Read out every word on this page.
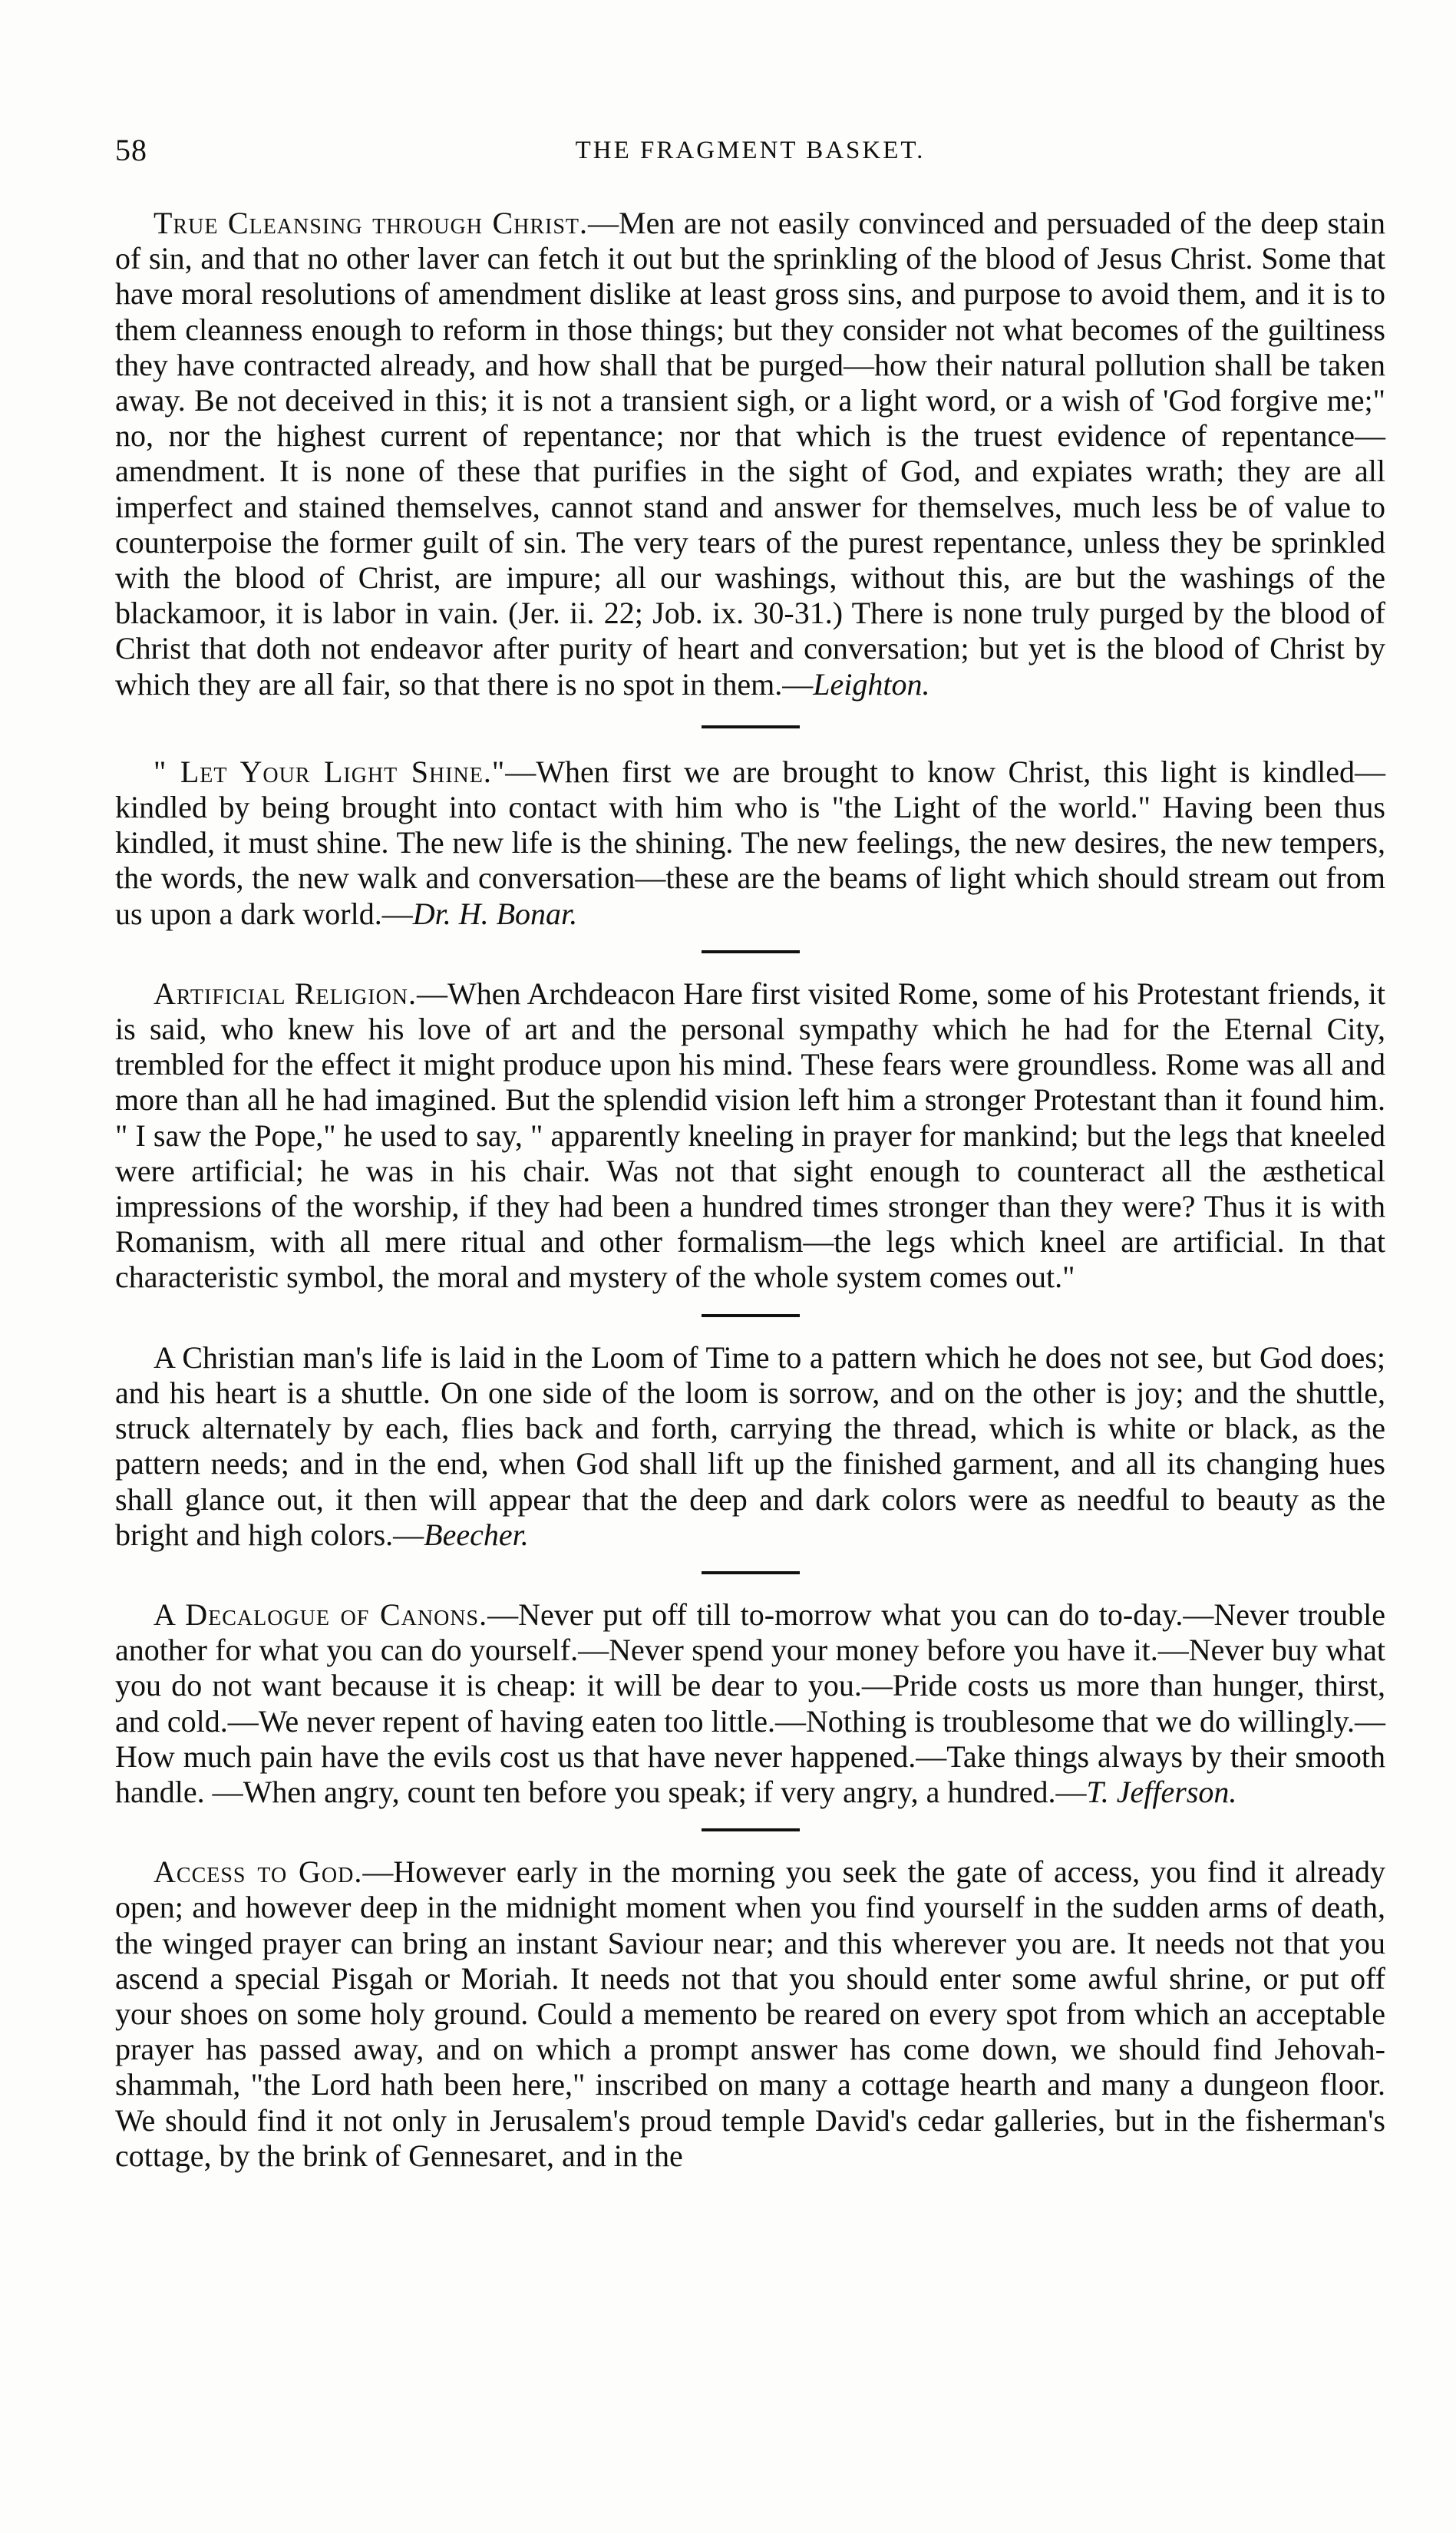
58	THE FRAGMENT BASKET.

True Cleansing through Christ.—Men are not easily convinced and persuaded of the deep stain of sin, and that no other laver can fetch it out but the sprinkling of the blood of Jesus Christ. Some that have moral resolutions of amendment dislike at least gross sins, and purpose to avoid them, and it is to them cleanness enough to reform in those things; but they consider not what becomes of the guiltiness they have contracted already, and how shall that be purged—how their natural pollution shall be taken away. Be not deceived in this; it is not a transient sigh, or a light word, or a wish of 'God forgive me;" no, nor the highest current of repentance; nor that which is the truest evidence of repentance—amendment. It is none of these that purifies in the sight of God, and expiates wrath; they are all imperfect and stained themselves, cannot stand and answer for themselves, much less be of value to counterpoise the former guilt of sin. The very tears of the purest repentance, unless they be sprinkled with the blood of Christ, are impure; all our washings, without this, are but the washings of the blackamoor, it is labor in vain. (Jer. ii. 22; Job. ix. 30-31.) There is none truly purged by the blood of Christ that doth not endeavor after purity of heart and conversation; but yet is the blood of Christ by which they are all fair, so that there is no spot in them.—Leighton.

" Let Your Light Shine."—When first we are brought to know Christ, this light is kindled—kindled by being brought into contact with him who is "the Light of the world." Having been thus kindled, it must shine. The new life is the shining. The new feelings, the new desires, the new tempers, the words, the new walk and conversation—these are the beams of light which should stream out from us upon a dark world.—Dr. H. Bonar.

Artificial Religion.—When Archdeacon Hare first visited Rome, some of his Protestant friends, it is said, who knew his love of art and the personal sympathy which he had for the Eternal City, trembled for the effect it might produce upon his mind. These fears were groundless. Rome was all and more than all he had imagined. But the splendid vision left him a stronger Protestant than it found him. " I saw the Pope," he used to say, " apparently kneeling in prayer for mankind; but the legs that kneeled were artificial; he was in his chair. Was not that sight enough to counteract all the æsthetical impressions of the worship, if they had been a hundred times stronger than they were? Thus it is with Romanism, with all mere ritual and other formalism—the legs which kneel are artificial. In that characteristic symbol, the moral and mystery of the whole system comes out."

A Christian man's life is laid in the Loom of Time to a pattern which he does not see, but God does; and his heart is a shuttle. On one side of the loom is sorrow, and on the other is joy; and the shuttle, struck alternately by each, flies back and forth, carrying the thread, which is white or black, as the pattern needs; and in the end, when God shall lift up the finished garment, and all its changing hues shall glance out, it then will appear that the deep and dark colors were as needful to beauty as the bright and high colors.—Beecher.

A Decalogue of Canons.—Never put off till to-morrow what you can do to-day.—Never trouble another for what you can do yourself.—Never spend your money before you have it.—Never buy what you do not want because it is cheap: it will be dear to you.—Pride costs us more than hunger, thirst, and cold.—We never repent of having eaten too little.—Nothing is troublesome that we do willingly.—How much pain have the evils cost us that have never happened.—Take things always by their smooth handle. —When angry, count ten before you speak; if very angry, a hundred.—T. Jefferson.

Access to God.—However early in the morning you seek the gate of access, you find it already open; and however deep in the midnight moment when you find yourself in the sudden arms of death, the winged prayer can bring an instant Saviour near; and this wherever you are. It needs not that you ascend a special Pisgah or Moriah. It needs not that you should enter some awful shrine, or put off your shoes on some holy ground. Could a memento be reared on every spot from which an acceptable prayer has passed away, and on which a prompt answer has come down, we should find Jehovah-shammah, "the Lord hath been here," inscribed on many a cottage hearth and many a dungeon floor. We should find it not only in Jerusalem's proud temple David's cedar galleries, but in the fisherman's cottage, by the brink of Gennesaret, and in the
